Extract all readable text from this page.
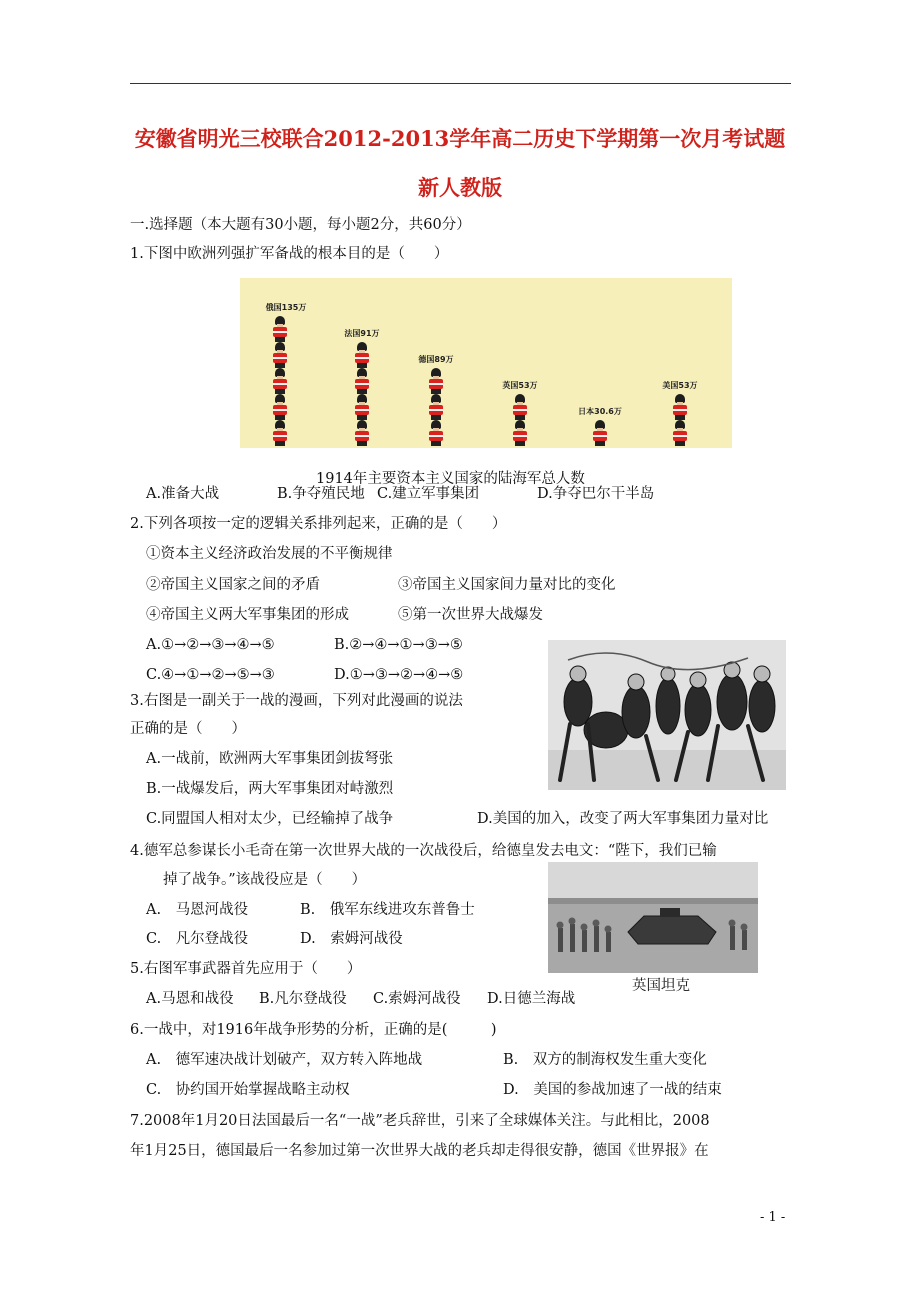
安徽省明光三校联合2012-2013学年高二历史下学期第一次月考试题
新人教版
一.选择题（本大题有30小题，每小题2分，共60分）
1.下图中欧洲列强扩军备战的根本目的是（　　）
俄国135万
法国91万
德国89万
英国53万
日本30.6万
美国53万
1914年主要资本主义国家的陆海军总人数
A.准备大战	B.争夺殖民地 C.建立军事集团	D.争夺巴尔干半岛
2.下列各项按一定的逻辑关系排列起来，正确的是（　　）
①资本主义经济政治发展的不平衡规律
②帝国主义国家之间的矛盾	③帝国主义国家间力量对比的变化
④帝国主义两大军事集团的形成	⑤第一次世界大战爆发
A.①→②→③→④→⑤	B.②→④→①→③→⑤
C.④→①→②→⑤→③	D.①→③→②→④→⑤
3.右图是一副关于一战的漫画，下列对此漫画的说法
正确的是（　　）
A.一战前，欧洲两大军事集团剑拔弩张
B.一战爆发后，两大军事集团对峙激烈
C.同盟国人相对太少，已经输掉了战争	D.美国的加入，改变了两大军事集团力量对比
4.德军总参谋长小毛奇在第一次世界大战的一次战役后，给德皇发去电文：“陛下，我们已输
掉了战争。”该战役应是（　　）
英国坦克
A.　马恩河战役	B.　俄军东线进攻东普鲁士
C.　凡尔登战役	D.　索姆河战役
5.右图军事武器首先应用于（　　）
A.马恩和战役 B.凡尔登战役 C.索姆河战役 D.日德兰海战
6.一战中，对1916年战争形势的分析，正确的是(　　　)
A.　德军速决战计划破产，双方转入阵地战	B.　双方的制海权发生重大变化
C.　协约国开始掌握战略主动权	D.　美国的参战加速了一战的结束
7.2008年1月20日法国最后一名“一战”老兵辞世，引来了全球媒体关注。与此相比，2008
年1月25日，德国最后一名参加过第一次世界大战的老兵却走得很安静，德国《世界报》在
- 1 -
